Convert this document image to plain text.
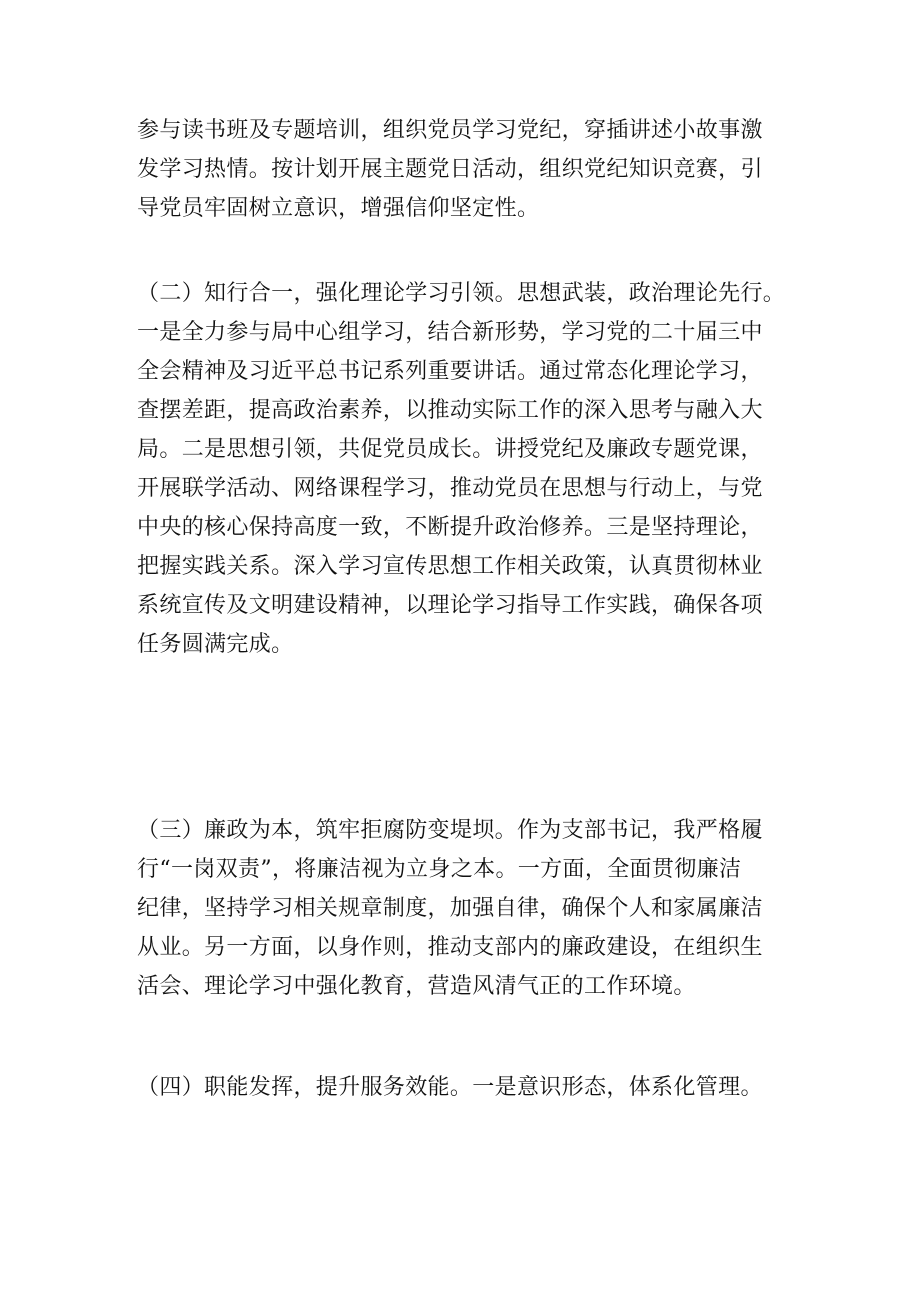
参与读书班及专题培训，组织党员学习党纪，穿插讲述小故事激
发学习热情。按计划开展主题党日活动，组织党纪知识竞赛，引
导党员牢固树立意识，增强信仰坚定性。
（二）知行合一，强化理论学习引领。思想武装，政治理论先行。
一是全力参与局中心组学习，结合新形势，学习党的二十届三中
全会精神及习近平总书记系列重要讲话。通过常态化理论学习，
查摆差距，提高政治素养，以推动实际工作的深入思考与融入大
局。二是思想引领，共促党员成长。讲授党纪及廉政专题党课，
开展联学活动、网络课程学习，推动党员在思想与行动上，与党
中央的核心保持高度一致，不断提升政治修养。三是坚持理论，
把握实践关系。深入学习宣传思想工作相关政策，认真贯彻林业
系统宣传及文明建设精神，以理论学习指导工作实践，确保各项
任务圆满完成。
（三）廉政为本，筑牢拒腐防变堤坝。作为支部书记，我严格履
行“一岗双责”，将廉洁视为立身之本。一方面，全面贯彻廉洁
纪律，坚持学习相关规章制度，加强自律，确保个人和家属廉洁
从业。另一方面，以身作则，推动支部内的廉政建设，在组织生
活会、理论学习中强化教育，营造风清气正的工作环境。
（四）职能发挥，提升服务效能。一是意识形态，体系化管理。
